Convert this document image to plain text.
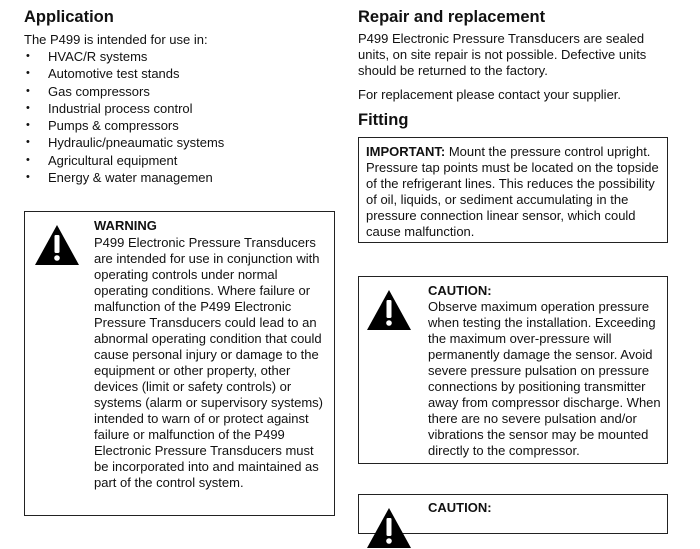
Application

The P499 is intended for use in:

• HVAC/R systems
• Automotive test stands
• Gas compressors
• Industrial process control
• Pumps & compressors
• Hydraulic/pneaumatic systems
• Agricultural equipment
• Energy & water managemen
WARNING
P499 Electronic Pressure Transducers are intended for use in conjunction with operating controls under normal operating conditions. Where failure or malfunction of the P499 Electronic Pressure Transducers could lead to an abnormal operating condition that could cause personal injury or damage to the equipment or other property, other devices (limit or safety controls) or systems (alarm or supervisory systems) intended to warn of or protect against failure or malfunction of the P499 Electronic Pressure Transducers must be incorporated into and maintained as part of the control system.
Repair and replacement

P499 Electronic Pressure Transducers are sealed units, on site repair is not possible. Defective units should be returned to the factory.

For replacement please contact your supplier.

Fitting
IMPORTANT: Mount the pressure control upright. Pressure tap points must be located on the topside of the refrigerant lines. This reduces the possibility of oil, liquids, or sediment accumulating in the pressure connection linear sensor, which could cause malfunction.
CAUTION:
Observe maximum operation pressure when testing the installation. Exceeding the maximum over-pressure will permanently damage the sensor. Avoid severe pressure pulsation on pressure connections by positioning transmitter away from compressor discharge. When there are no severe pulsation and/or vibrations the sensor may be mounted directly to the compressor.
CAUTION:
